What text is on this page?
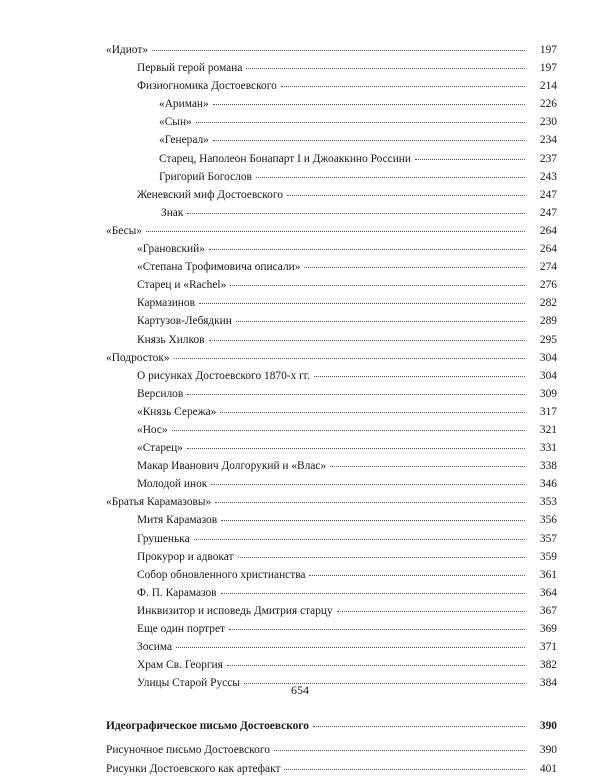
«Идиот»	197
Первый герой романа	197
Физиогномика Достоевского	214
«Ариман»	226
«Сын»	230
«Генерал»	234
Старец, Наполеон Бонапарт I и Джоаккино Россини	237
Григорий Богослов	243
Женевский миф Достоевского	247
Знак	247
«Бесы»	264
«Грановский»	264
«Степана Трофимовича описали»	274
Старец и «Rachel»	276
Кармазинов	282
Картузов-Лебядкин	289
Князь Хилков	295
«Подросток»	304
О рисунках Достоевского 1870-х гг.	304
Версилов	309
«Князь Сережа»	317
«Нос»	321
«Старец»	331
Макар Иванович Долгорукий и «Влас»	338
Молодой инок	346
«Братья Карамазовы»	353
Митя Карамазов	356
Грушенька	357
Прокурор и адвокат	359
Собор обновленного христианства	361
Ф. П. Карамазов	364
Инквизитор и исповедь Дмитрия старцу	367
Еще один портрет	369
Зосима	371
Храм Св. Георгия	382
Улицы Старой Руссы	384
Идеографическое письмо Достоевского	390
Рисуночное письмо Достоевского	390
Рисунки Достоевского как артефакт	401
654
